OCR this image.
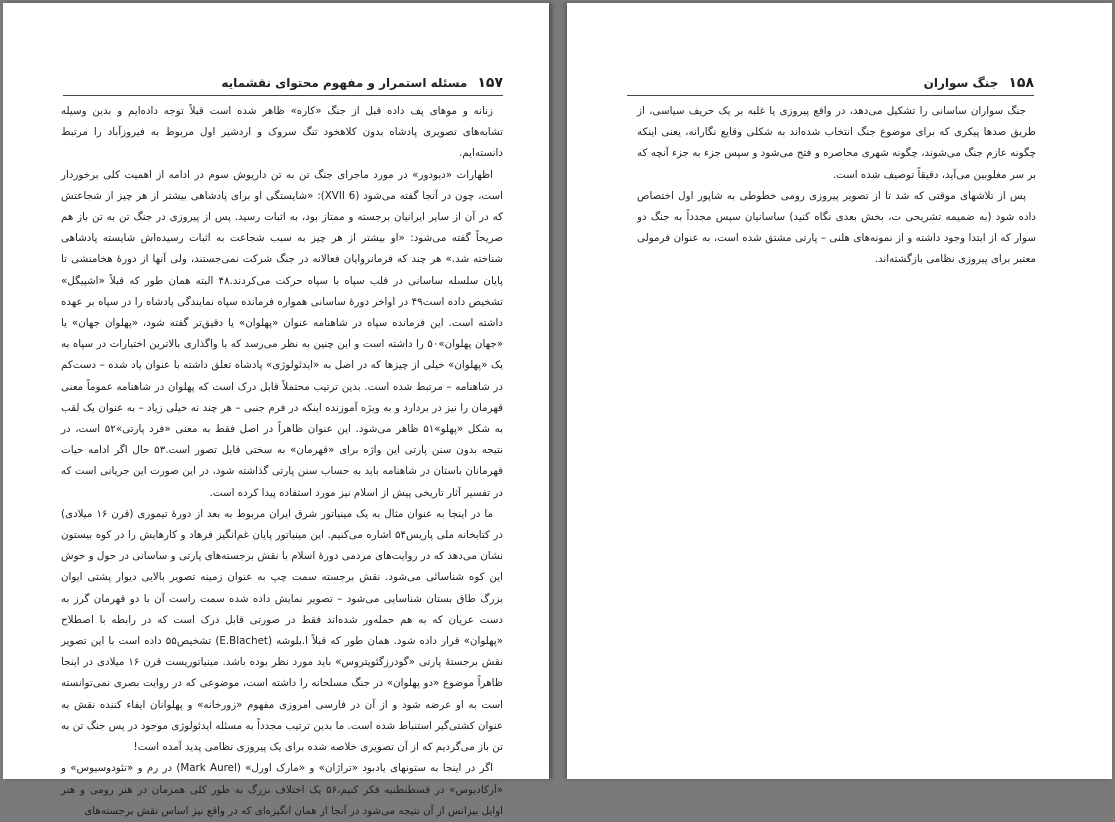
۱۵۷
مسئله استمرار و مفهوم محتوای نقشمایه

زنانه و موهای پف داده قبل از جنگ «کاره» ظاهر شده است قبلاً توجه داده‌ایم و بدین وسیله تشابه‌های تصویری پادشاه بدون کلاهخود تنگ سروک و اردشیر اول مربوط به فیروزآباد را مرتبط دانسته‌ایم.

اظهارات «دیودور» در مورد ماجرای جنگ تن به تن داریوش سوم در ادامه از اهمیت کلی برخوردار است، چون در آنجا گفته می‌شود (XVII 6): «شایستگی او برای پادشاهی بیشتر از هر چیز از شجاعتش که در آن از سایر ایرانیان برجسته و ممتاز بود، به اثبات رسید. پس از پیروزی در جنگ تن به تن باز هم صریحاً گفته می‌شود: «او بیشتر از هر چیز به سبب شجاعت به اثبات رسیده‌اش شایسته پادشاهی شناخته شد.» هر چند که فرمانروایان فعالانه در جنگ شرکت نمی‌جستند، ولی آنها از دورهٔ هخامنشی تا پایان سلسله ساسانی در قلب سپاه با سپاه حرکت می‌کردند.۴۸ البته همان طور که قبلاً «اشپیگل» تشخیص داده است۴۹ در اواخر دورهٔ ساسانی همواره فرمانده سپاه نمایندگی پادشاه را در سپاه بر عهده داشته است. این فرمانده سپاه در شاهنامه عنوان «پهلوان» یا دقیق‌تر گفته شود، «پهلوان جهان» یا «جهان پهلوان»۵۰ را داشته است و این چنین به نظر می‌رسد که با واگذاری بالاترین اختیارات در سپاه به یک «پهلوان» خیلی از چیزها که در اصل به «ایدئولوژی» پادشاه تعلق داشته با عنوان یاد شده – دست‌کم در شاهنامه – مرتبط شده است. بدین ترتیب محتملاً قابل درک است که پهلوان در شاهنامه عموماً معنی قهرمان را نیز در بردارد و به ویژه آموزنده اینکه در فرم جنبی – هر چند نه خیلی زیاد – به عنوان یک لقب به شکل «پهلو»۵۱ ظاهر می‌شود. این عنوان ظاهراً در اصل فقط به معنی «فرد پارتی»۵۲ است، در نتیجه بدون سنن پارتی این واژه برای «قهرمان» به سختی قابل تصور است.۵۳ حال اگر ادامه حیات قهرمانان باستان در شاهنامه باید به حساب سنن پارتی گذاشته شود، در این صورت این جریانی است که در تفسیر آثار تاریخی پیش از اسلام نیز مورد استفاده پیدا کرده است.

ما در اینجا به عنوان مثال به یک مینیاتور شرق ایران مربوط به بعد از دورهٔ تیموری (قرن ۱۶ میلادی) در کتابخانه ملی پاریس۵۴ اشاره می‌کنیم. این مینیاتور پایان غم‌انگیز فرهاد و کارهایش را در کوه بیستون نشان می‌دهد که در روایت‌های مردمی دورهٔ اسلام با نقش برجسته‌های پارتی و ساسانی در حول و حوش این کوه شناسائی می‌شود. نقش برجسته سمت چپ به عنوان زمینه تصویر بالایی دیوار پشتی ایوان بزرگ طاق بستان شناسایی می‌شود – تصویر نمایش داده شده سمت راست آن با دو قهرمان گرز به دست عریان که به هم حمله‌ور شده‌اند فقط در صورتی قابل درک است که در رابطه با اصطلاح «پهلوان» قرار داده شود. همان طور که قبلاً ا.بلوشه (E.Blachet) تشخیص۵۵ داده است با این تصویر نقش برجستهٔ پارتی «گودرزگئوپتروس» باید مورد نظر بوده باشد. مینیاتوریست قرن ۱۶ میلادی در اینجا ظاهراً موضوع «دو پهلوان» در جنگ مسلحانه را داشته است، موضوعی که در روایت بصری نمی‌توانسته است به او عرضه شود و از آن در فارسی امروزی مفهوم «زورخانه» و پهلوانان ایفاء کننده نقش به عنوان کشتی‌گیر استنباط شده است. ما بدین ترتیب مجدداً به مسئله ایدئولوژی موجود در پس جنگ تن به تن باز می‌گردیم که از آن تصویری خلاصه شده برای یک پیروزی نظامی پدید آمده است!

اگر در اینجا به ستونهای یادبود «تراژان» و «مارک اورل» (Mark Aurel) در رم و «تئودوسیوس» و «آرکادیوس» در قسطنطنیه فکر کنیم،۵۶ یک اختلاف بزرگ به طور کلی همزمان در هنر رومی و هنر اوایل بیزانس از آن نتیجه می‌شود در آنجا از همان انگیزه‌ای که در واقع نیز اساس نقش برجسته‌های

۱۵۸
جنگ سواران

جنگ سواران ساسانی را تشکیل می‌دهد، در واقع پیروزی یا غلبه بر یک حریف سیاسی، از طریق صدها پیکری که برای موضوع جنگ انتخاب شده‌اند به شکلی وقایع نگارانه، یعنی اینکه چگونه عازم جنگ می‌شوند، چگونه شهری محاصره و فتح می‌شود و سپس جزء به جزء آنچه که بر سر مغلوبین می‌آید، دقیقاً توصیف شده است.

پس از تلاشهای موقتی که شد تا از تصویر پیروزی رومی خطوطی به شاپور اول اختصاص داده شود (به ضمیمه تشریحی ت، بخش بعدی نگاه کنید) ساسانیان سپس مجدداً به جنگ دو سوار که از ابتدا وجود داشته و از نمونه‌های هلنی – پارتی مشتق شده است، به عنوان فرمولی معتبر برای پیروزی نظامی بازگشته‌اند.
